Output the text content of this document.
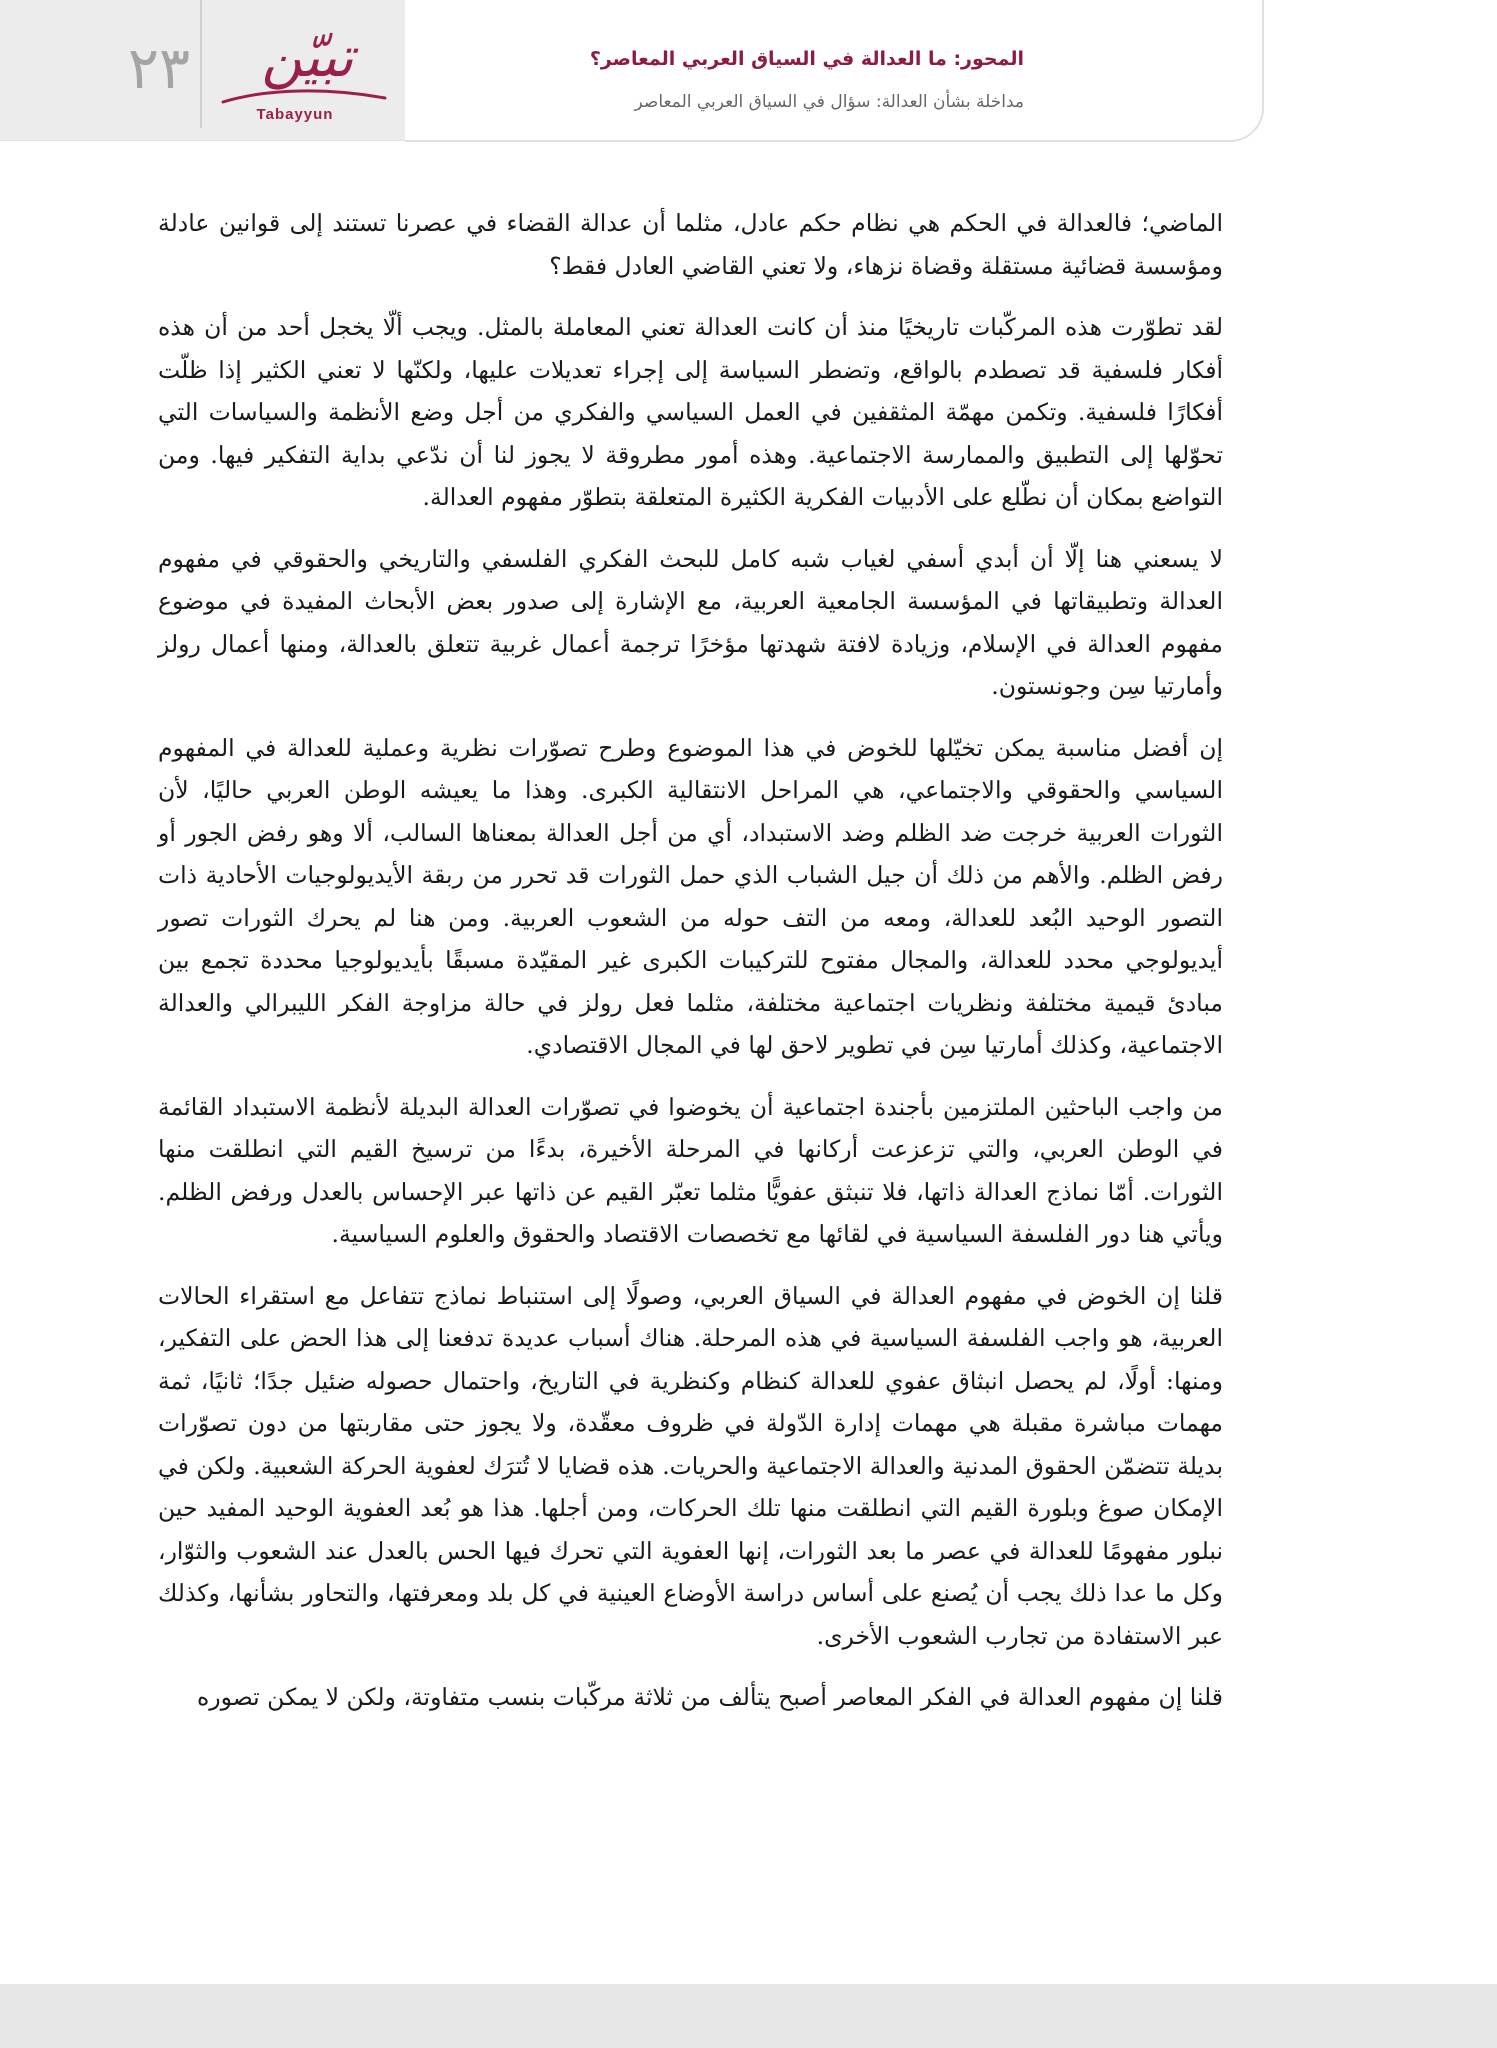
٢٣	تبيّن
Tabayyun
المحور: ما العدالة في السياق العربي المعاصر؟
مداخلة بشأن العدالة: سؤال في السياق العربي المعاصر

الماضي؛ فالعدالة في الحكم هي نظام حكم عادل، مثلما أن عدالة القضاء في عصرنا تستند إلى قوانين عادلة ومؤسسة قضائية مستقلة وقضاة نزهاء، ولا تعني القاضي العادل فقط؟

لقد تطوّرت هذه المركّبات تاريخيًا منذ أن كانت العدالة تعني المعاملة بالمثل. ويجب ألّا يخجل أحد من أن هذه أفكار فلسفية قد تصطدم بالواقع، وتضطر السياسة إلى إجراء تعديلات عليها، ولكنّها لا تعني الكثير إذا ظلّت أفكارًا فلسفية. وتكمن مهمّة المثقفين في العمل السياسي والفكري من أجل وضع الأنظمة والسياسات التي تحوّلها إلى التطبيق والممارسة الاجتماعية. وهذه أمور مطروقة لا يجوز لنا أن ندّعي بداية التفكير فيها. ومن التواضع بمكان أن نطّلع على الأدبيات الفكرية الكثيرة المتعلقة بتطوّر مفهوم العدالة.

لا يسعني هنا إلّا أن أبدي أسفي لغياب شبه كامل للبحث الفكري الفلسفي والتاريخي والحقوقي في مفهوم العدالة وتطبيقاتها في المؤسسة الجامعية العربية، مع الإشارة إلى صدور بعض الأبحاث المفيدة في موضوع مفهوم العدالة في الإسلام، وزيادة لافتة شهدتها مؤخرًا ترجمة أعمال غربية تتعلق بالعدالة، ومنها أعمال رولز وأمارتيا سِن وجونستون.

إن أفضل مناسبة يمكن تخيّلها للخوض في هذا الموضوع وطرح تصوّرات نظرية وعملية للعدالة في المفهوم السياسي والحقوقي والاجتماعي، هي المراحل الانتقالية الكبرى. وهذا ما يعيشه الوطن العربي حاليًا، لأن الثورات العربية خرجت ضد الظلم وضد الاستبداد، أي من أجل العدالة بمعناها السالب، ألا وهو رفض الجور أو رفض الظلم. والأهم من ذلك أن جيل الشباب الذي حمل الثورات قد تحرر من ربقة الأيديولوجيات الأحادية ذات التصور الوحيد البُعد للعدالة، ومعه من التف حوله من الشعوب العربية. ومن هنا لم يحرك الثورات تصور أيديولوجي محدد للعدالة، والمجال مفتوح للتركيبات الكبرى غير المقيّدة مسبقًا بأيديولوجيا محددة تجمع بين مبادئ قيمية مختلفة ونظريات اجتماعية مختلفة، مثلما فعل رولز في حالة مزاوجة الفكر الليبرالي والعدالة الاجتماعية، وكذلك أمارتيا سِن في تطوير لاحق لها في المجال الاقتصادي.

من واجب الباحثين الملتزمين بأجندة اجتماعية أن يخوضوا في تصوّرات العدالة البديلة لأنظمة الاستبداد القائمة في الوطن العربي، والتي تزعزعت أركانها في المرحلة الأخيرة، بدءًا من ترسيخ القيم التي انطلقت منها الثورات. أمّا نماذج العدالة ذاتها، فلا تنبثق عفويًّا مثلما تعبّر القيم عن ذاتها عبر الإحساس بالعدل ورفض الظلم. ويأتي هنا دور الفلسفة السياسية في لقائها مع تخصصات الاقتصاد والحقوق والعلوم السياسية.

قلنا إن الخوض في مفهوم العدالة في السياق العربي، وصولًا إلى استنباط نماذج تتفاعل مع استقراء الحالات العربية، هو واجب الفلسفة السياسية في هذه المرحلة. هناك أسباب عديدة تدفعنا إلى هذا الحض على التفكير، ومنها: أولًا، لم يحصل انبثاق عفوي للعدالة كنظام وكنظرية في التاريخ، واحتمال حصوله ضئيل جدًا؛ ثانيًا، ثمة مهمات مباشرة مقبلة هي مهمات إدارة الدّولة في ظروف معقّدة، ولا يجوز حتى مقاربتها من دون تصوّرات بديلة تتضمّن الحقوق المدنية والعدالة الاجتماعية والحريات. هذه قضايا لا تُترَك لعفوية الحركة الشعبية. ولكن في الإمكان صوغ وبلورة القيم التي انطلقت منها تلك الحركات، ومن أجلها. هذا هو بُعد العفوية الوحيد المفيد حين نبلور مفهومًا للعدالة في عصر ما بعد الثورات، إنها العفوية التي تحرك فيها الحس بالعدل عند الشعوب والثوّار، وكل ما عدا ذلك يجب أن يُصنع على أساس دراسة الأوضاع العينية في كل بلد ومعرفتها، والتحاور بشأنها، وكذلك عبر الاستفادة من تجارب الشعوب الأخرى.

قلنا إن مفهوم العدالة في الفكر المعاصر أصبح يتألف من ثلاثة مركّبات بنسب متفاوتة، ولكن لا يمكن تصوره
